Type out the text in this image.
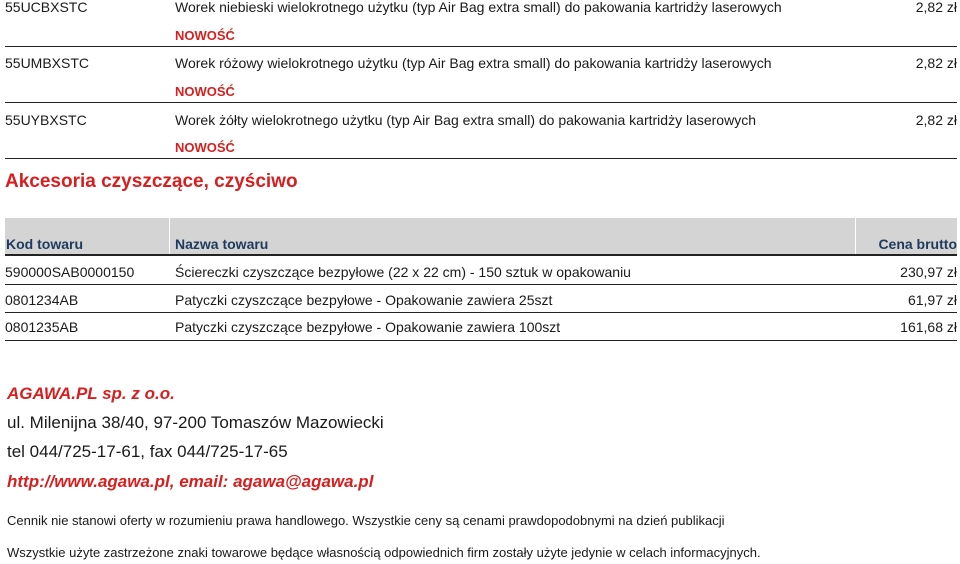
55UCBXSTC	Worek niebieski wielokrotnego użytku (typ Air Bag extra small) do pakowania kartridży laserowych	2,82 zł
NOWOŚĆ
55UMBXSTC	Worek różowy wielokrotnego użytku (typ Air Bag extra small) do pakowania kartridży laserowych	2,82 zł
NOWOŚĆ
55UYBXSTC	Worek żółty wielokrotnego użytku (typ Air Bag extra small) do pakowania kartridży laserowych	2,82 zł
NOWOŚĆ
Akcesoria czyszczące, czyściwo
Kod towaru	Nazwa towaru	Cena brutto
590000SAB0000150	Ściereczki czyszczące bezpyłowe (22 x 22 cm) - 150 sztuk w opakowaniu	230,97 zł
0801234AB	Patyczki czyszczące bezpyłowe - Opakowanie zawiera 25szt	61,97 zł
0801235AB	Patyczki czyszczące bezpyłowe - Opakowanie zawiera 100szt	161,68 zł
AGAWA.PL sp. z o.o.
ul. Milenijna 38/40, 97-200 Tomaszów Mazowiecki
tel 044/725-17-61, fax 044/725-17-65
http://www.agawa.pl, email: agawa@agawa.pl
Cennik nie stanowi oferty w rozumieniu prawa handlowego. Wszystkie ceny są cenami prawdopodobnymi na dzień publikacji
Wszystkie użyte zastrzeżone znaki towarowe będące własnością odpowiednich firm zostały użyte jedynie w celach informacyjnych.
